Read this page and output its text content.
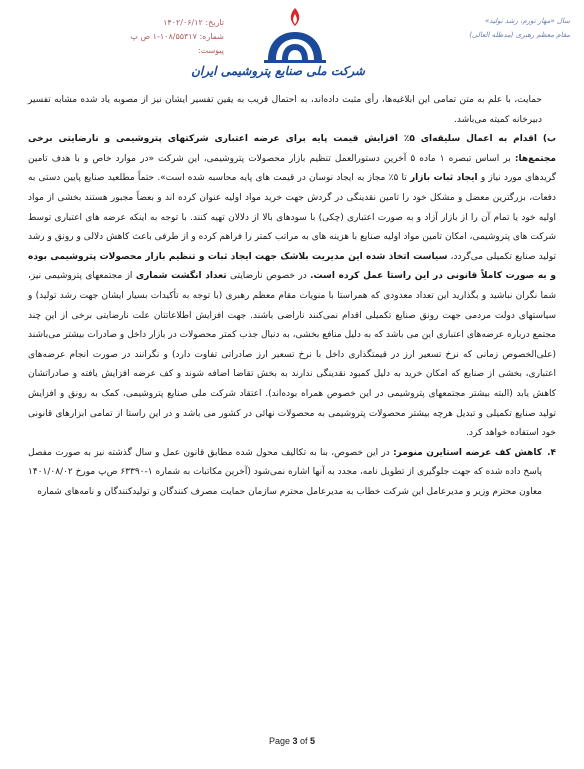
تاریخ: ۱۴۰۲/۰۶/۱۲
شماره: ۱۰۸/۵۵۳۱۷-۱ ص پ
پیوست:
شرکت ملی صنایع پتروشیمی ایران
سال «مهار تورم، رشد تولید»
مقام معظم رهبری (مدظله العالی)

حمایت، با علم به متن تمامی این ابلاغیه‌ها، رأی مثبت داده‌اند، به احتمال قریب به یقین تفسیر ایشان نیز از مصوبه یاد شده مشابه تفسیر دبیرخانه کمیته می‌باشد.

ب) اقدام به اعمال سلیقه‌ای ۵٪ افزایش قیمت پایه برای عرضه اعتباری شرکتهای پتروشیمی و نارضایتی برخی مجتمع‌ها: بر اساس تبصره ۱ ماده ۵ آخرین دستورالعمل تنظیم بازار محصولات پتروشیمی، این شرکت «در موارد خاص و با هدف تامین گریدهای مورد نیاز و ایجاد ثبات بازار تا ۵٪ مجاز به ایجاد نوسان در قیمت های پایه محاسبه شده است». حتماً مطلعید صنایع پایین دستی به دفعات، بزرگترین معضل و مشکل خود را تامین نقدینگی در گردش جهت خرید مواد اولیه عنوان کرده اند و بعضاً مجبور هستند بخشی از مواد اولیه خود یا تمام آن را از بازار آزاد و به صورت اعتباری (چکی) با سودهای بالا از دلالان تهیه کنند. با توجه به اینکه عرضه های اعتباری توسط شرکت های پتروشیمی، امکان تامین مواد اولیه صنایع با هزینه های به مراتب کمتر را فراهم کرده و از طرفی باعث کاهش دلالی و رونق و رشد تولید صنایع تکمیلی می‌گردد، سیاست اتخاذ شده این مدیریت بلاشک جهت ایجاد ثبات و تنظیم بازار محصولات پتروشیمی بوده و به صورت کاملاً قانونی در این راستا عمل کرده است. در خصوص نارضایتی تعداد انگشت شماری از مجتمعهای پتروشیمی نیز، شما نگران نباشید و بگذارید این تعداد معدودی که همراستا با منویات مقام معظم رهبری (با توجه به تأکیدات بسیار ایشان جهت رشد تولید) و سیاستهای دولت مردمی جهت رونق صنایع تکمیلی اقدام نمی‌کنند ناراضی باشند. جهت افزایش اطلاعاتتان علت نارضایتی برخی از این چند مجتمع درباره عرضه‌های اعتباری این می باشد که به دلیل منافع بخشی، به دنبال جذب کمتر محصولات در بازار داخل و صادرات بیشتر می‌باشند (علی‌الخصوص زمانی که نرخ تسعیر ارز در قیمتگذاری داخل با نرخ تسعیر ارز صادراتی تفاوت دارد) و نگرانند در صورت انجام عرضه‌های اعتباری، بخشی از صنایع که امکان خرید به دلیل کمبود نقدینگی ندارند به بخش تقاضا اضافه شوند و کف عرضه افزایش یافته و صادراتشان کاهش یابد (البته بیشتر مجتمعهای پتروشیمی در این خصوص همراه بوده‌اند). اعتقاد شرکت ملی صنایع پتروشیمی، کمک به رونق و افزایش تولید صنایع تکمیلی و تبدیل هرچه بیشتر محصولات پتروشیمی به محصولات نهائی در کشور می باشد و در این راستا از تمامی ابزارهای قانونی خود استفاده خواهد کرد.

۴.
کاهش کف عرضه استایرن منومر: در این خصوص، بنا به تکالیف محول شده مطابق قانون عمل و سال گذشته نیز به صورت مفصل پاسخ داده شده که جهت جلوگیری از تطویل نامه، مجدد به آنها اشاره نمی‌شود (آخرین مکاتبات به شماره ۱-۶۳۳۹۰ ص‌پ مورخ ۱۴۰۱/۰۸/۰۲ معاون محترم وزیر و مدیرعامل این شرکت خطاب به مدیرعامل محترم سازمان حمایت مصرف کنندگان و تولیدکنندگان و نامه‌های شماره

Page 3 of 5
